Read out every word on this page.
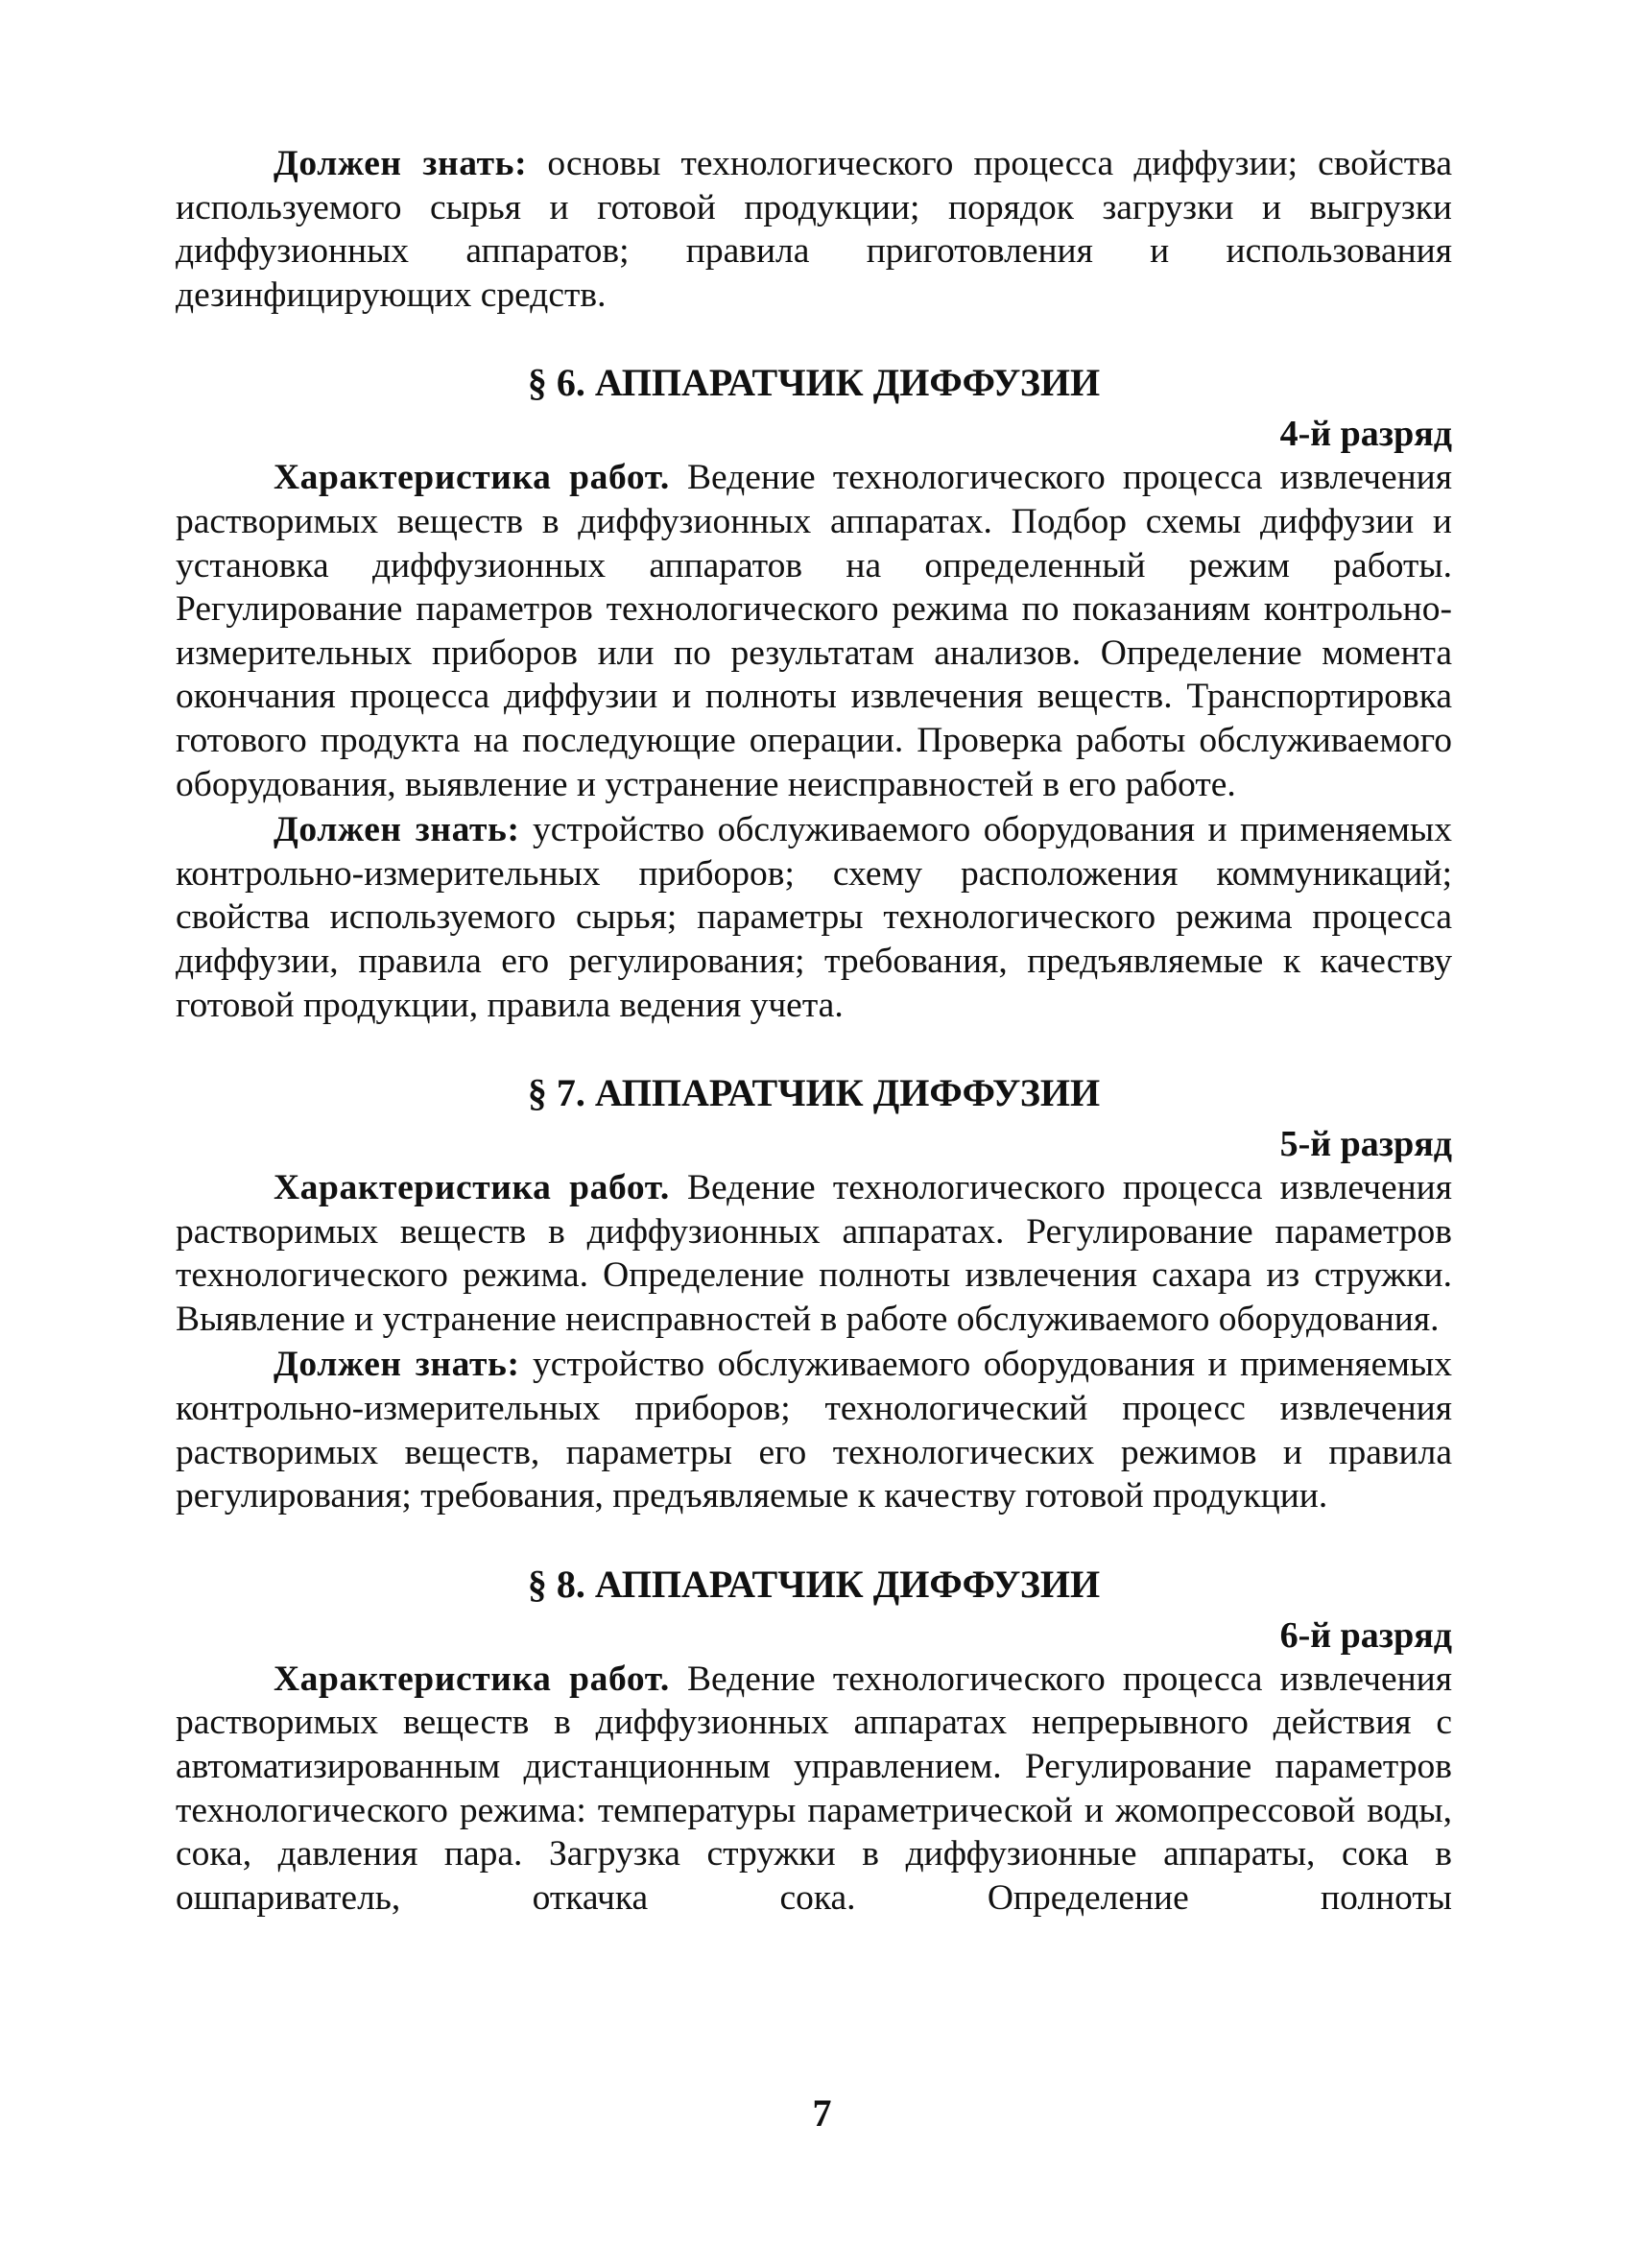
Должен знать: основы технологического процесса диффузии; свойства используемого сырья и готовой продукции; порядок загрузки и выгрузки диффузионных аппаратов; правила приготовления и использования дезинфицирующих средств.

§ 6. АППАРАТЧИК ДИФФУЗИИ
4-й разряд

Характеристика работ. Ведение технологического процесса извлечения растворимых веществ в диффузионных аппаратах. Подбор схемы диффузии и установка диффузионных аппаратов на определенный режим работы. Регулирование параметров технологического режима по показаниям контрольно-измерительных приборов или по результатам анализов. Определение момента окончания процесса диффузии и полноты извлечения веществ. Транспортировка готового продукта на последующие операции. Проверка работы обслуживаемого оборудования, выявление и устранение неисправностей в его работе.

Должен знать: устройство обслуживаемого оборудования и применяемых контрольно-измерительных приборов; схему расположения коммуникаций; свойства используемого сырья; параметры технологического режима процесса диффузии, правила его регулирования; требования, предъявляемые к качеству готовой продукции, правила ведения учета.

§ 7. АППАРАТЧИК ДИФФУЗИИ
5-й разряд

Характеристика работ. Ведение технологического процесса извлечения растворимых веществ в диффузионных аппаратах. Регулирование параметров технологического режима. Определение полноты извлечения сахара из стружки. Выявление и устранение неисправностей в работе обслуживаемого оборудования.

Должен знать: устройство обслуживаемого оборудования и применяемых контрольно-измерительных приборов; технологический процесс извлечения растворимых веществ, параметры его технологических режимов и правила регулирования; требования, предъявляемые к качеству готовой продукции.

§ 8. АППАРАТЧИК ДИФФУЗИИ
6-й разряд

Характеристика работ. Ведение технологического процесса извлечения растворимых веществ в диффузионных аппаратах непрерывного действия с автоматизированным дистанционным управлением. Регулирование параметров технологического режима: температуры параметрической и жомопрессовой воды, сока, давления пара. Загрузка стружки в диффузионные аппараты, сока в ошпариватель, откачка сока. Определение полноты

7
